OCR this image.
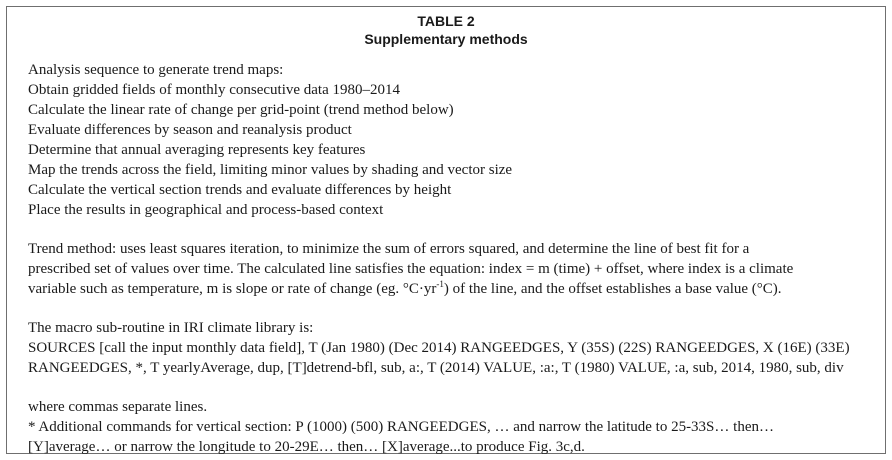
TABLE 2
Supplementary methods
Analysis sequence to generate trend maps:
Obtain gridded fields of monthly consecutive data 1980–2014
Calculate the linear rate of change per grid-point (trend method below)
Evaluate differences by season and reanalysis product
Determine that annual averaging represents key features
Map the trends across the field, limiting minor values by shading and vector size
Calculate the vertical section trends and evaluate differences by height
Place the results in geographical and process-based context
Trend method: uses least squares iteration, to minimize the sum of errors squared, and determine the line of best fit for a
prescribed set of values over time. The calculated line satisfies the equation: index = m (time) + offset, where index is a climate
variable such as temperature, m is slope or rate of change (eg. $^\circ C\cdot yr^{-1}$) of the line, and the offset establishes a base value (°C).
The macro sub-routine in IRI climate library is:
SOURCES [call the input monthly data field], T (Jan 1980) (Dec 2014) RANGEEDGES, Y (35S) (22S) RANGEEDGES, X (16E) (33E)
RANGEEDGES, *, T yearlyAverage, dup, [T]detrend-bfl, sub, a:, T (2014) VALUE, :a:, T (1980) VALUE, :a, sub, 2014, 1980, sub, div
where commas separate lines.
* Additional commands for vertical section: P (1000) (500) RANGEEDGES, … and narrow the latitude to 25-33S… then…
[Y]average… or narrow the longitude to 20-29E… then… [X]average...to produce Fig. 3c,d.
